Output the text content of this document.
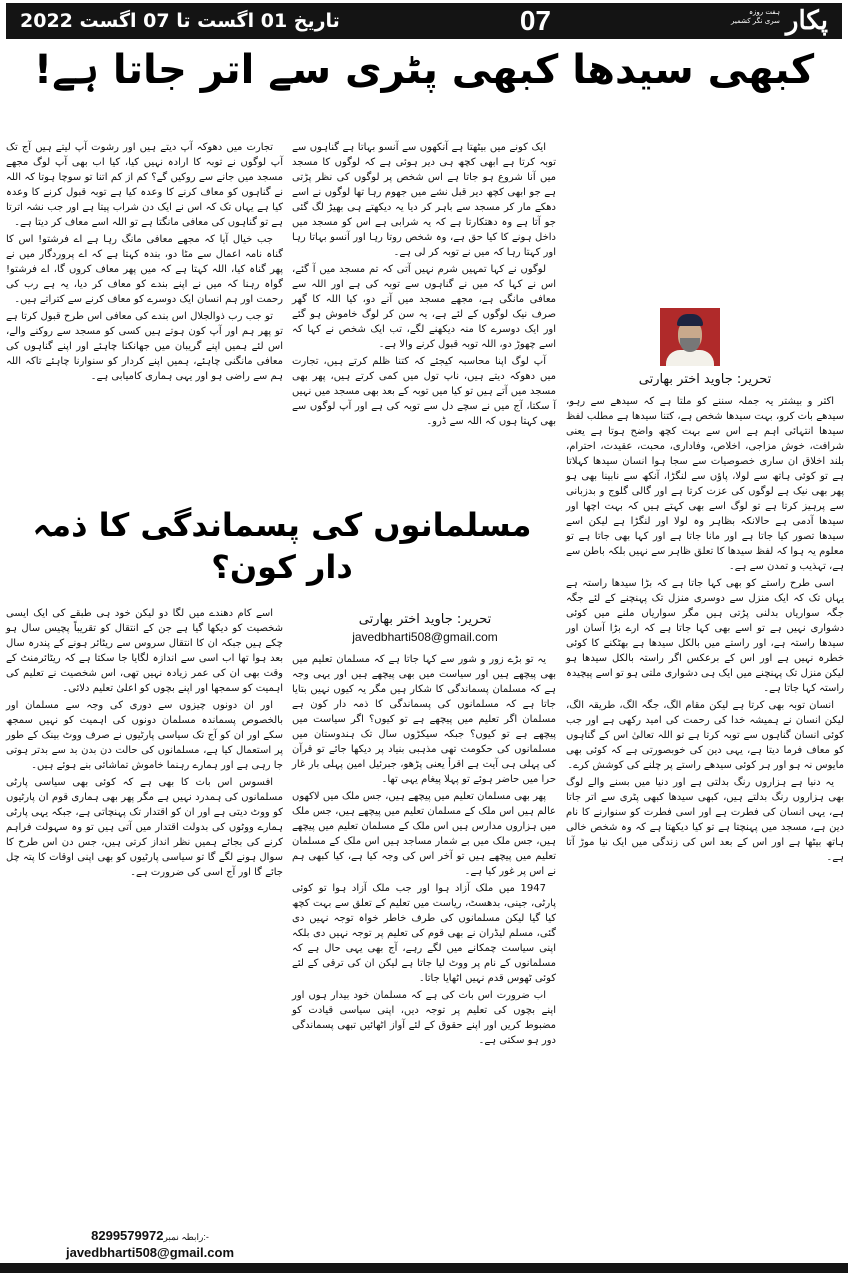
تاریخ 01 اگست تا 07 اگست 2022	07	پکار
ہفت روزہ
سری نگر کشمیر
کبھی سیدھا کبھی پٹری سے اتر جاتا ہے!

تجارت میں دھوکہ آپ دیتے ہیں اور رشوت آپ لیتے ہیں آج تک آپ لوگوں نے توبہ کا ارادہ نہیں کیا، کیا اب بھی آپ لوگ مجھے مسجد میں جانے سے روکیں گے؟ کم از کم اتنا تو سوچا ہوتا کہ اللہ نے گناہوں کو معاف کرنے کا وعدہ کیا ہے توبہ قبول کرنے کا وعدہ کیا ہے یہاں تک کہ اس نے ایک دن شراب پیتا ہے اور جب نشہ اترتا ہے تو گناہوں کی معافی مانگتا ہے تو اللہ اسے معاف کر دیتا ہے۔

جب خیال آیا کہ مجھے معافی مانگ رہا ہے اے فرشتو! اس کا گناہ نامہ اعمال سے مٹا دو، بندہ کہتا ہے کہ اے پروردگار میں نے پھر گناہ کیا، اللہ کہتا ہے کہ میں پھر معاف کروں گا، اے فرشتو! گواہ رہنا کہ میں نے اپنے بندے کو معاف کر دیا، یہ ہے رب کی رحمت اور ہم انسان ایک دوسرے کو معاف کرنے سے کتراتے ہیں۔

تو جب رب ذوالجلال اس بندے کی معافی اس طرح قبول کرتا ہے تو پھر ہم اور آپ کون ہوتے ہیں کسی کو مسجد سے روکنے والے، اس لئے ہمیں اپنے گریبان میں جھانکنا چاہئے اور اپنے گناہوں کی معافی مانگنی چاہئے، ہمیں اپنے کردار کو سنوارنا چاہئے تاکہ اللہ ہم سے راضی ہو اور یہی ہماری کامیابی ہے۔

ایک کونے میں بیٹھتا ہے آنکھوں سے آنسو بہاتا ہے گناہوں سے توبہ کرتا ہے ابھی کچھ ہی دیر ہوئی ہے کہ لوگوں کا مسجد میں آنا شروع ہو جاتا ہے اس شخص پر لوگوں کی نظر پڑتی ہے جو ابھی کچھ دیر قبل نشے میں جھوم رہا تھا لوگوں نے اسے دھکے مار کر مسجد سے باہر کر دیا یہ دیکھتے ہی بھیڑ لگ گئی جو آتا ہے وہ دھتکارتا ہے کہ یہ شرابی ہے اس کو مسجد میں داخل ہونے کا کیا حق ہے، وہ شخص روتا رہا اور آنسو بہاتا رہا اور کہتا رہا کہ میں نے توبہ کر لی ہے۔

لوگوں نے کہا تمہیں شرم نہیں آتی کہ تم مسجد میں آ گئے، اس نے کہا کہ میں نے گناہوں سے توبہ کی ہے اور اللہ سے معافی مانگی ہے، مجھے مسجد میں آنے دو، کیا اللہ کا گھر صرف نیک لوگوں کے لئے ہے، یہ سن کر لوگ خاموش ہو گئے اور ایک دوسرے کا منہ دیکھنے لگے، تب ایک شخص نے کہا کہ اسے چھوڑ دو، اللہ توبہ قبول کرنے والا ہے۔

آپ لوگ اپنا محاسبہ کیجئے کہ کتنا ظلم کرتے ہیں، تجارت میں دھوکہ دیتے ہیں، ناپ تول میں کمی کرتے ہیں، پھر بھی مسجد میں آتے ہیں تو کیا میں توبہ کے بعد بھی مسجد میں نہیں آ سکتا، آج میں نے سچے دل سے توبہ کی ہے اور آپ لوگوں سے بھی کہتا ہوں کہ اللہ سے ڈرو۔

تحریر: جاوید اختر بھارتی

اکثر و بیشتر یہ جملہ سننے کو ملتا ہے کہ سیدھے سے رہو، سیدھے بات کرو، بہت سیدھا شخص ہے، کتنا سیدھا ہے مطلب لفظ سیدھا انتہائی اہم ہے اس سے بہت کچھ واضح ہوتا ہے یعنی شرافت، خوش مزاجی، اخلاص، وفاداری، محبت، عقیدت، احترام، بلند اخلاق ان ساری خصوصیات سے سجا ہوا انسان سیدھا کہلاتا ہے تو کوئی ہاتھ سے لولا، پاؤں سے لنگڑا، آنکھ سے نابینا بھی ہو پھر بھی نیک ہے لوگوں کی عزت کرتا ہے اور گالی گلوج و بدزبانی سے پرہیز کرتا ہے تو لوگ اسے بھی کہتے ہیں کہ بہت اچھا اور سیدھا آدمی ہے حالانکہ بظاہر وہ لولا اور لنگڑا ہے لیکن اسے سیدھا تصور کیا جاتا ہے اور مانا جاتا ہے اور کہا بھی جاتا ہے تو معلوم یہ ہوا کہ لفظ سیدھا کا تعلق ظاہر سے نہیں بلکہ باطن سے ہے، تہذیب و تمدن سے ہے۔

اسی طرح راستے کو بھی کہا جاتا ہے کہ بڑا سیدھا راستہ ہے یہاں تک کہ ایک منزل سے دوسری منزل تک پہنچنے کے لئے جگہ جگہ سواریاں بدلنی پڑتی ہیں مگر سواریاں ملنے میں کوئی دشواری نہیں ہے تو اسے بھی کہا جاتا ہے کہ ارے بڑا آسان اور سیدھا راستہ ہے، اور راستے میں بالکل سیدھا ہے بھٹکنے کا کوئی خطرہ نہیں ہے اور اس کے برعکس اگر راستہ بالکل سیدھا ہو لیکن منزل تک پہنچنے میں ایک ہی دشواری ملتی ہو تو اسے پیچیدہ راستہ کہا جاتا ہے۔

انسان توبہ بھی کرتا ہے لیکن مقام الگ، جگہ الگ، طریقہ الگ، لیکن انسان نے ہمیشہ خدا کی رحمت کی امید رکھی ہے اور جب کوئی انسان گناہوں سے توبہ کرتا ہے تو اللہ تعالیٰ اس کے گناہوں کو معاف فرما دیتا ہے، یہی دین کی خوبصورتی ہے کہ کوئی بھی مایوس نہ ہو اور ہر کوئی سیدھے راستے پر چلنے کی کوشش کرے۔

یہ دنیا ہے ہزاروں رنگ بدلتی ہے اور دنیا میں بسنے والے لوگ بھی ہزاروں رنگ بدلتے ہیں، کبھی سیدھا کبھی پٹری سے اتر جاتا ہے، یہی انسان کی فطرت ہے اور اسی فطرت کو سنوارنے کا نام دین ہے، مسجد میں پہنچتا ہے تو کیا دیکھتا ہے کہ وہ شخص خالی ہاتھ بیٹھا ہے اور اس کے بعد اس کی زندگی میں ایک نیا موڑ آتا ہے۔

مسلمانوں کی پسماندگی کا ذمہ دار کون؟
تحریر: جاوید اختر بھارتی
javedbharti508@gmail.com

یہ تو بڑے زور و شور سے کہا جاتا ہے کہ مسلمان تعلیم میں بھی پیچھے ہیں اور سیاست میں بھی پیچھے ہیں اور یہی وجہ ہے کہ مسلمان پسماندگی کا شکار ہیں مگر یہ کیوں نہیں بتایا جاتا ہے کہ مسلمانوں کی پسماندگی کا ذمہ دار کون ہے مسلمان اگر تعلیم میں پیچھے ہے تو کیوں؟ اگر سیاست میں پیچھے ہے تو کیوں؟ جبکہ سیکڑوں سال تک ہندوستان میں مسلمانوں کی حکومت تھی مذہبی بنیاد پر دیکھا جائے تو قرآن کی پہلی ہی آیت ہے اقرأ یعنی پڑھو، جبرئیل امین پہلی بار غار حرا میں حاضر ہوئے تو پہلا پیغام یہی تھا۔

پھر بھی مسلمان تعلیم میں پیچھے ہیں، جس ملک میں لاکھوں عالم ہیں اس ملک کے مسلمان تعلیم میں پیچھے ہیں، جس ملک میں ہزاروں مدارس ہیں اس ملک کے مسلمان تعلیم میں پیچھے ہیں، جس ملک میں بے شمار مساجد ہیں اس ملک کے مسلمان تعلیم میں پیچھے ہیں تو آخر اس کی وجہ کیا ہے، کیا کبھی ہم نے اس پر غور کیا ہے۔

1947 میں ملک آزاد ہوا اور جب ملک آزاد ہوا تو کوئی پارٹی، جینی، بدھسٹ، ریاست میں تعلیم کے تعلق سے بہت کچھ کیا گیا لیکن مسلمانوں کی طرف خاطر خواہ توجہ نہیں دی گئی، مسلم لیڈران نے بھی قوم کی تعلیم پر توجہ نہیں دی بلکہ اپنی سیاست چمکانے میں لگے رہے، آج بھی یہی حال ہے کہ مسلمانوں کے نام پر ووٹ لیا جاتا ہے لیکن ان کی ترقی کے لئے کوئی ٹھوس قدم نہیں اٹھایا جاتا۔

اب ضرورت اس بات کی ہے کہ مسلمان خود بیدار ہوں اور اپنے بچوں کی تعلیم پر توجہ دیں، اپنی سیاسی قیادت کو مضبوط کریں اور اپنے حقوق کے لئے آواز اٹھائیں تبھی پسماندگی دور ہو سکتی ہے۔

اسے کام دھندے میں لگا دو لیکن خود ہی طبقے کی ایک ایسی شخصیت کو دیکھا گیا ہے جن کے انتقال کو تقریباً پچیس سال ہو چکے ہیں جبکہ ان کا انتقال سروس سے ریٹائر ہونے کے پندرہ سال بعد ہوا تھا اب اسی سے اندازہ لگایا جا سکتا ہے کہ ریٹائرمنٹ کے وقت بھی ان کی عمر زیادہ نہیں تھی، اس شخصیت نے تعلیم کی اہمیت کو سمجھا اور اپنے بچوں کو اعلیٰ تعلیم دلائی۔

اور ان دونوں چیزوں سے دوری کی وجہ سے مسلمان اور بالخصوص پسماندہ مسلمان دونوں کی اہمیت کو نہیں سمجھ سکے اور ان کو آج تک سیاسی پارٹیوں نے صرف ووٹ بینک کے طور پر استعمال کیا ہے، مسلمانوں کی حالت دن بدن بد سے بدتر ہوتی جا رہی ہے اور ہمارے رہنما خاموش تماشائی بنے ہوئے ہیں۔

افسوس اس بات کا بھی ہے کہ کوئی بھی سیاسی پارٹی مسلمانوں کی ہمدرد نہیں ہے مگر پھر بھی ہماری قوم ان پارٹیوں کو ووٹ دیتی ہے اور ان کو اقتدار تک پہنچاتی ہے، جبکہ یہی پارٹی ہمارے ووٹوں کی بدولت اقتدار میں آتی ہیں تو وہ سہولت فراہم کرنے کی بجائے ہمیں نظر انداز کرتی ہیں، جس دن اس طرح کا سوال ہونے لگے گا تو سیاسی پارٹیوں کو بھی اپنی اوقات کا پتہ چل جائے گا اور آج اسی کی ضرورت ہے۔

8299579972رابطہ نمبر:-
javedbharti508@gmail.com
